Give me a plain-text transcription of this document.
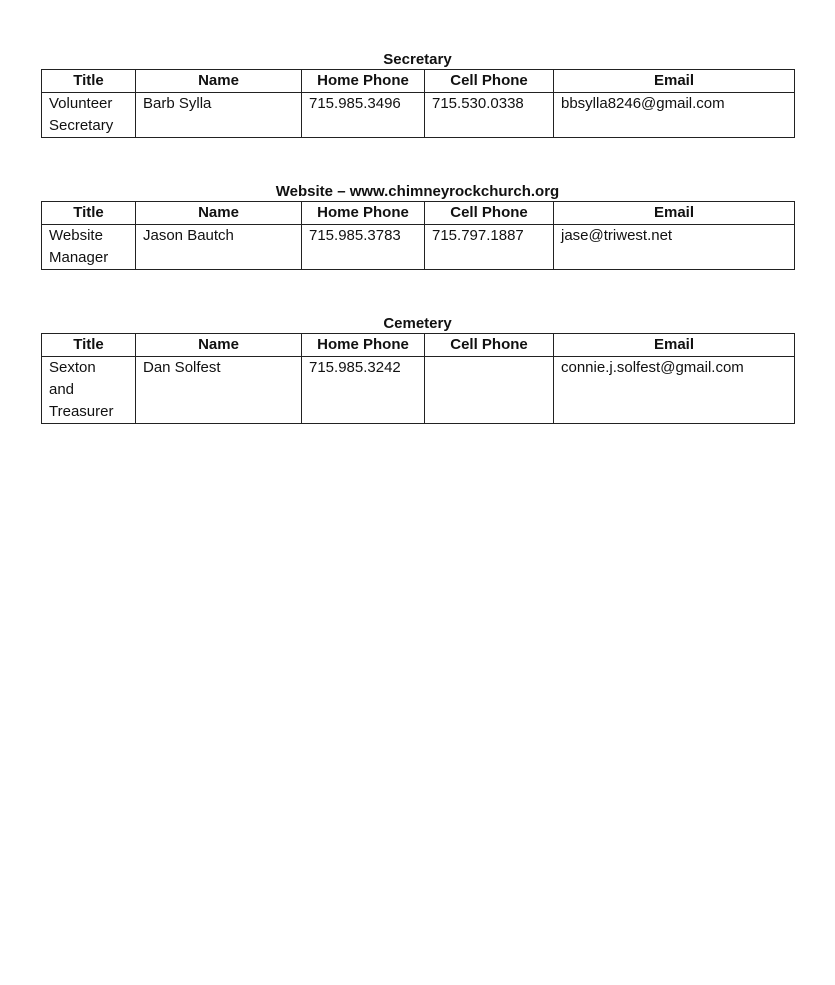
Secretary
Title	Name	Home Phone	Cell Phone	Email

Volunteer
Secretary	Barb Sylla	715.985.3496	715.530.0338	bbsylla8246@gmail.com
Website – www.chimneyrockchurch.org
Title	Name	Home Phone	Cell Phone	Email

Website
Manager	Jason Bautch	715.985.3783	715.797.1887	jase@triwest.net
Cemetery
Title	Name	Home Phone	Cell Phone	Email

Sexton
and
Treasurer	Dan Solfest	715.985.3242		connie.j.solfest@gmail.com
